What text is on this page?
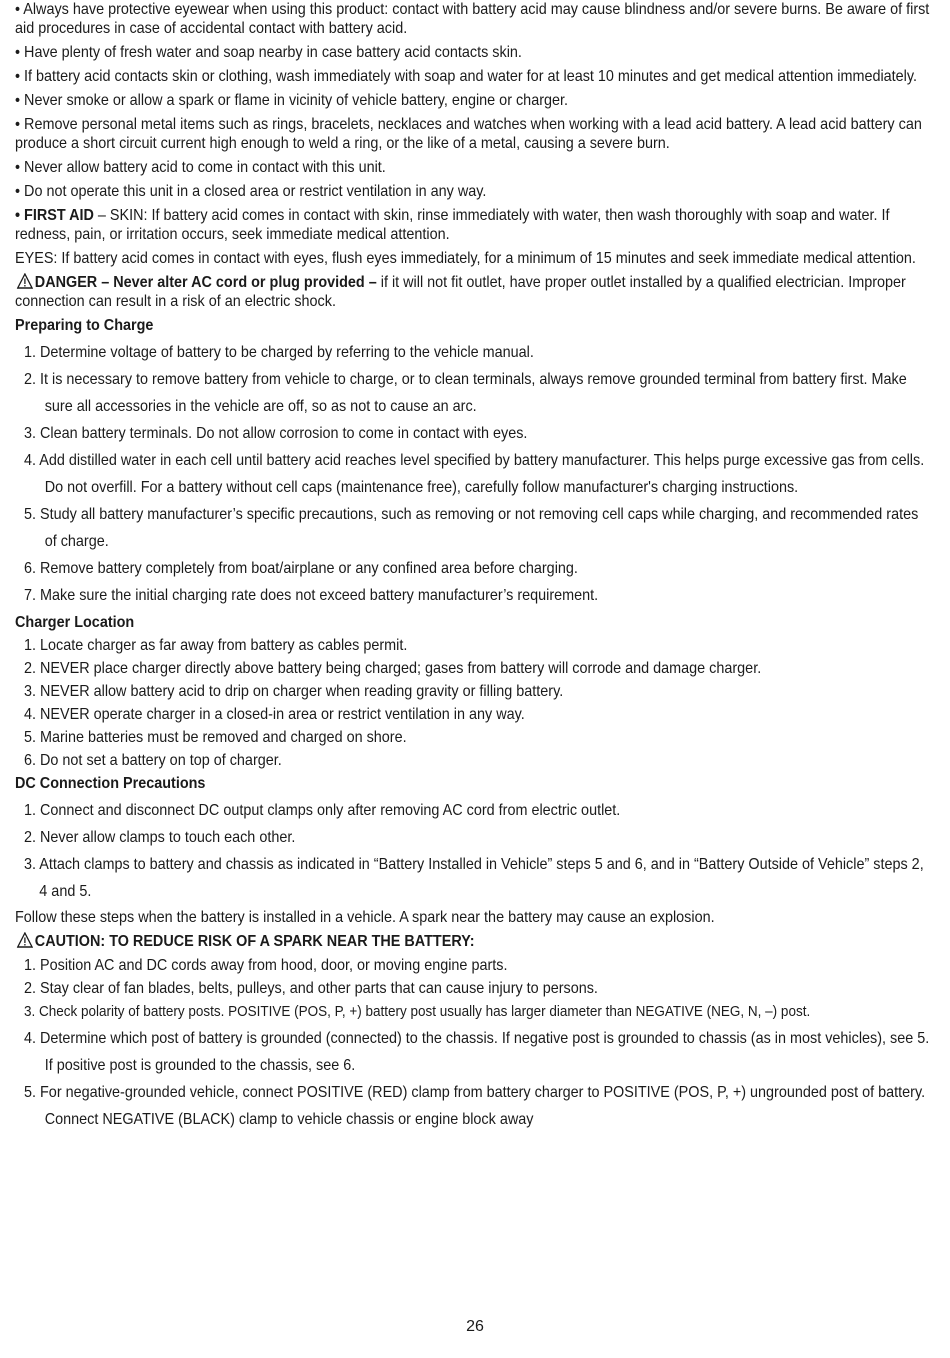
• Always have protective eyewear when using this product: contact with battery acid may cause blindness and/or severe burns. Be aware of first aid procedures in case of accidental contact with battery acid.

• Have plenty of fresh water and soap nearby in case battery acid contacts skin.

• If battery acid contacts skin or clothing, wash immediately with soap and water for at least 10 minutes and get medical attention immediately.

• Never smoke or allow a spark or flame in vicinity of vehicle battery, engine or charger.

• Remove personal metal items such as rings, bracelets, necklaces and watches when working with a lead acid battery. A lead acid battery can produce a short circuit current high enough to weld a ring, or the like of a metal, causing a severe burn.

• Never allow battery acid to come in contact with this unit.

• Do not operate this unit in a closed area or restrict ventilation in any way.

• FIRST AID – SKIN: If battery acid comes in contact with skin, rinse immediately with water, then wash thoroughly with soap and water. If redness, pain, or irritation occurs, seek immediate medical attention.

EYES: If battery acid comes in contact with eyes, flush eyes immediately, for a minimum of 15 minutes and seek immediate medical attention.

DANGER – Never alter AC cord or plug provided – if it will not fit outlet, have proper outlet installed by a qualified electrician. Improper connection can result in a risk of an electric shock.

Preparing to Charge

1. Determine voltage of battery to be charged by referring to the vehicle manual.

2. It is necessary to remove battery from vehicle to charge, or to clean terminals, always remove grounded terminal from battery first. Make sure all accessories in the vehicle are off, so as not to cause an arc.

3. Clean battery terminals. Do not allow corrosion to come in contact with eyes.

4. Add distilled water in each cell until battery acid reaches level specified by battery manufacturer. This helps purge excessive gas from cells. Do not overfill. For a battery without cell caps (maintenance free), carefully follow manufacturer's charging instructions.

5. Study all battery manufacturer’s specific precautions, such as removing or not removing cell caps while charging, and recommended rates of charge.

6. Remove battery completely from boat/airplane or any confined area before charging.

7. Make sure the initial charging rate does not exceed battery manufacturer’s requirement.

Charger Location

1. Locate charger as far away from battery as cables permit.

2. NEVER place charger directly above battery being charged; gases from battery will corrode and damage charger.

3. NEVER allow battery acid to drip on charger when reading gravity or filling battery.

4. NEVER operate charger in a closed-in area or restrict ventilation in any way.

5. Marine batteries must be removed and charged on shore.

6. Do not set a battery on top of charger.

DC Connection Precautions

1. Connect and disconnect DC output clamps only after removing AC cord from electric outlet.

2. Never allow clamps to touch each other.

3. Attach clamps to battery and chassis as indicated in “Battery Installed in Vehicle” steps 5 and 6, and in “Battery Outside of Vehicle” steps 2, 4 and 5.

Follow these steps when the battery is installed in a vehicle. A spark near the battery may cause an explosion.

CAUTION: TO REDUCE RISK OF A SPARK NEAR THE BATTERY:

1. Position AC and DC cords away from hood, door, or moving engine parts.

2. Stay clear of fan blades, belts, pulleys, and other parts that can cause injury to persons.

3. Check polarity of battery posts. POSITIVE (POS, P, +) battery post usually has larger diameter than NEGATIVE (NEG, N, –) post.

4. Determine which post of battery is grounded (connected) to the chassis. If negative post is grounded to chassis (as in most vehicles), see 5. If positive post is grounded to the chassis, see 6.

5. For negative-grounded vehicle, connect POSITIVE (RED) clamp from battery charger to POSITIVE (POS, P, +) ungrounded post of battery. Connect NEGATIVE (BLACK) clamp to vehicle chassis or engine block away

26
